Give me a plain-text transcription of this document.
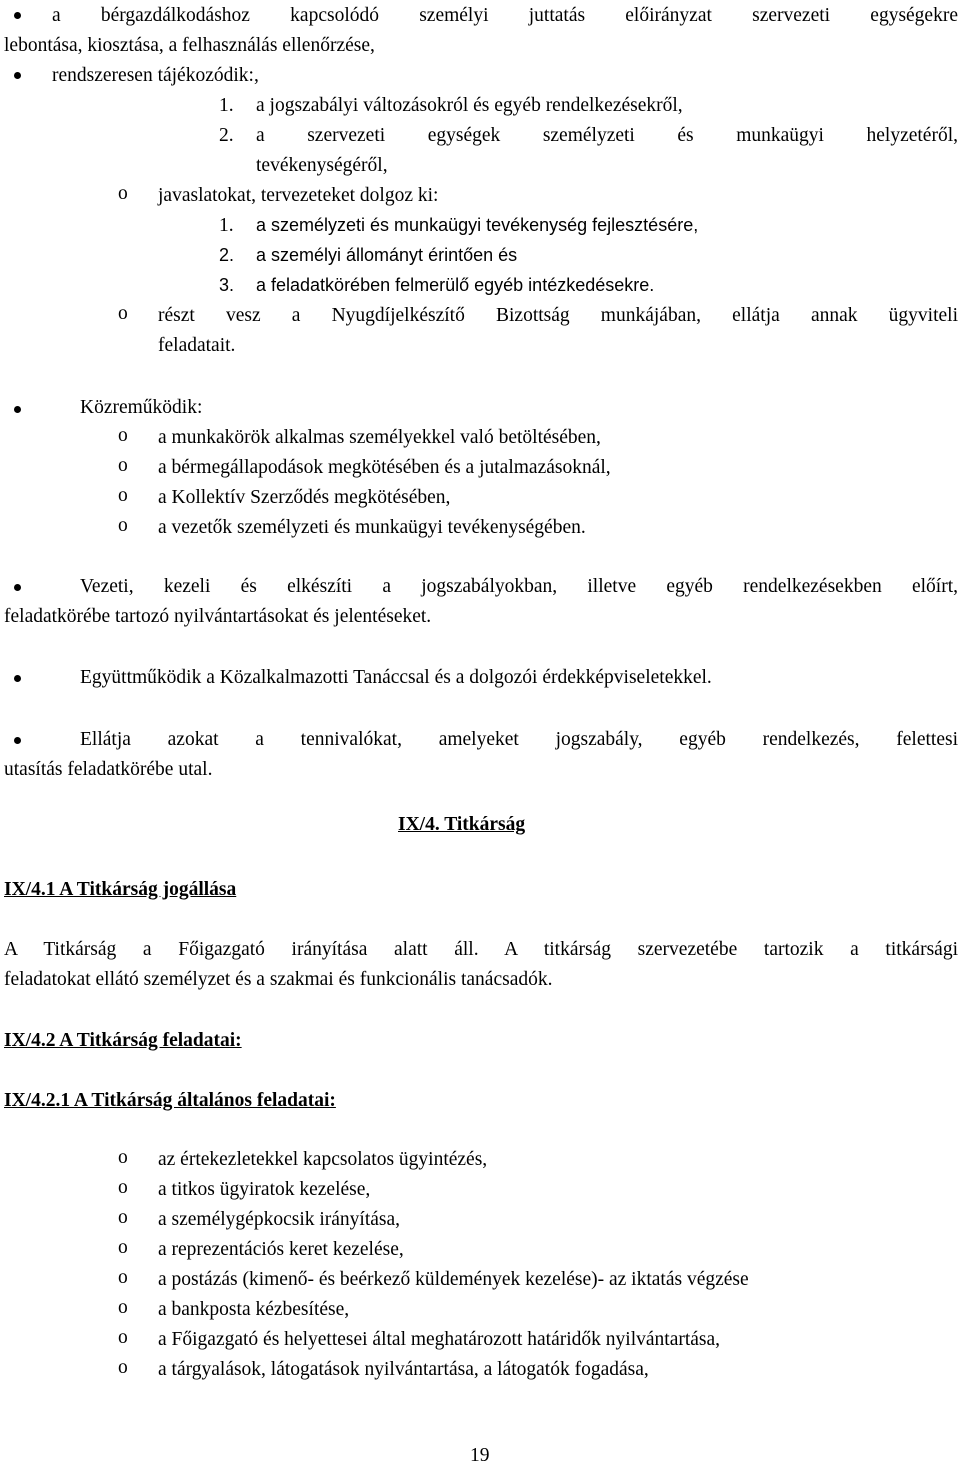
a bérgazdálkodáshoz kapcsolódó személyi juttatás előirányzat szervezeti egységekre
lebontása, kiosztása, a felhasználás ellenőrzése,
rendszeresen tájékozódik:,
1. a jogszabályi változásokról és egyéb rendelkezésekről,
2. a szervezeti egységek személyzeti és munkaügyi helyzetéről,
tevékenységéről,
o javaslatokat, tervezeteket dolgoz ki:
1. a személyzeti és munkaügyi tevékenység fejlesztésére,
2. a személyi állományt érintően és
3. a feladatkörében felmerülő egyéb intézkedésekre.
o részt vesz a Nyugdíjelkészítő Bizottság munkájában, ellátja annak ügyviteli
feladatait.
Közreműködik:
o a munkakörök alkalmas személyekkel való betöltésében,
o a bérmegállapodások megkötésében és a jutalmazásoknál,
o a Kollektív Szerződés megkötésében,
o a vezetők személyzeti és munkaügyi tevékenységében.
Vezeti, kezeli és elkészíti a jogszabályokban, illetve egyéb rendelkezésekben előírt,
feladatkörébe tartozó nyilvántartásokat és jelentéseket.
Együttműködik a Közalkalmazotti Tanáccsal és a dolgozói érdekképviseletekkel.
Ellátja azokat a tennivalókat, amelyeket jogszabály, egyéb rendelkezés, felettesi
utasítás feladatkörébe utal.
IX/4. Titkárság
IX/4.1 A Titkárság jogállása
A Titkárság a Főigazgató irányítása alatt áll. A titkárság szervezetébe tartozik a titkársági
feladatokat ellátó személyzet és a szakmai és funkcionális tanácsadók.
IX/4.2 A Titkárság feladatai:
IX/4.2.1 A Titkárság általános feladatai:
o az értekezletekkel kapcsolatos ügyintézés,
o a titkos ügyiratok kezelése,
o a személygépkocsik irányítása,
o a reprezentációs keret kezelése,
o a postázás (kimenő- és beérkező küldemények kezelése)- az iktatás végzése
o a bankposta kézbesítése,
o a Főigazgató és helyettesei által meghatározott határidők nyilvántartása,
o a tárgyalások, látogatások nyilvántartása, a látogatók fogadása,
19
